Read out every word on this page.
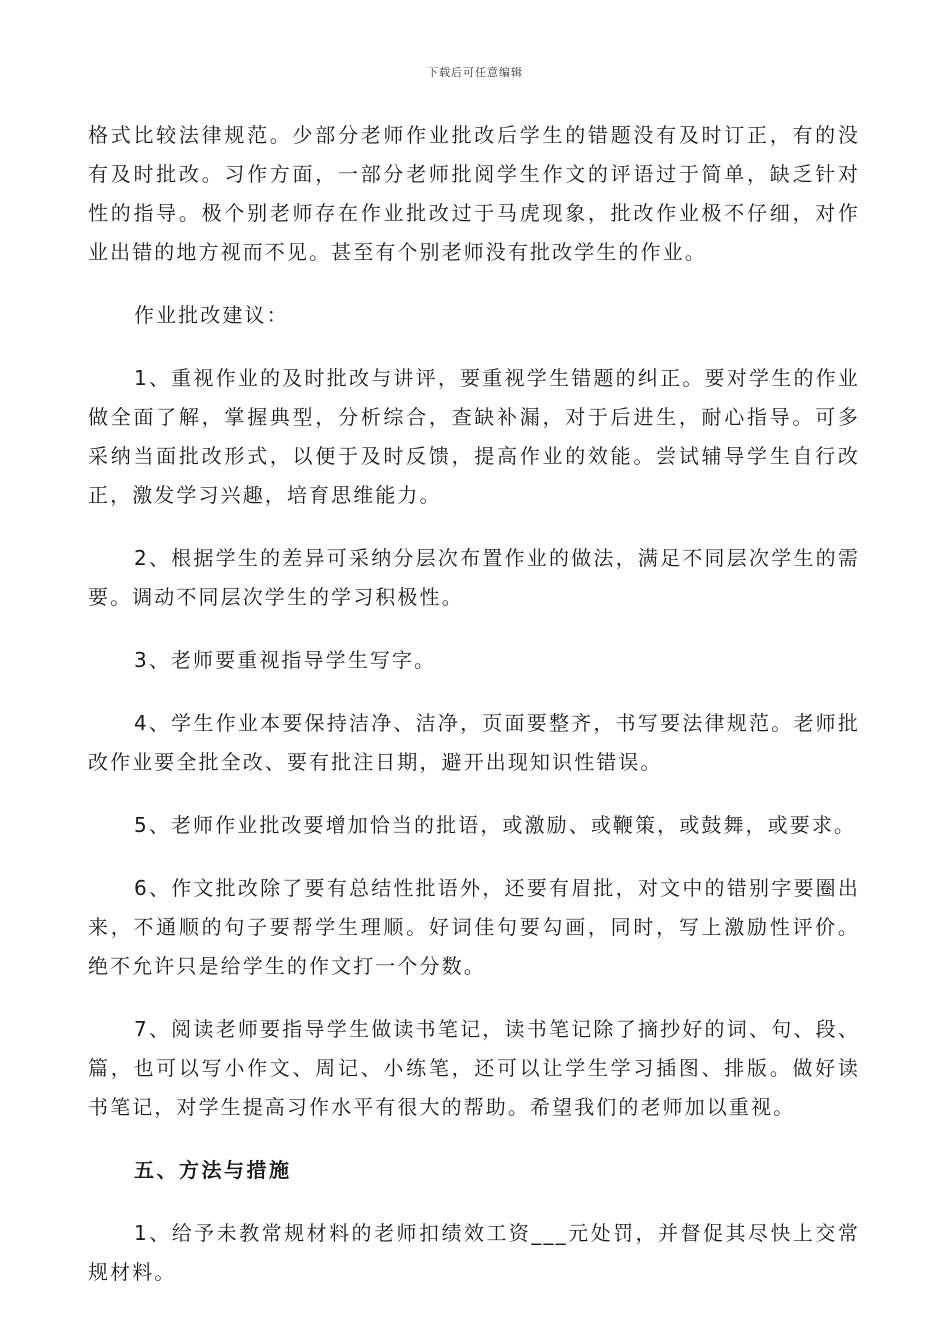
下载后可任意编辑

格式比较法律规范。少部分老师作业批改后学生的错题没有及时订正，有的没有及时批改。习作方面，一部分老师批阅学生作文的评语过于简单，缺乏针对性的指导。极个别老师存在作业批改过于马虎现象，批改作业极不仔细，对作业出错的地方视而不见。甚至有个别老师没有批改学生的作业。

作业批改建议：

1、重视作业的及时批改与讲评，要重视学生错题的纠正。要对学生的作业做全面了解，掌握典型，分析综合，查缺补漏，对于后进生，耐心指导。可多采纳当面批改形式，以便于及时反馈，提高作业的效能。尝试辅导学生自行改正，激发学习兴趣，培育思维能力。

2、根据学生的差异可采纳分层次布置作业的做法，满足不同层次学生的需要。调动不同层次学生的学习积极性。

3、老师要重视指导学生写字。

4、学生作业本要保持洁净、洁净，页面要整齐，书写要法律规范。老师批改作业要全批全改、要有批注日期，避开出现知识性错误。

5、老师作业批改要增加恰当的批语，或激励、或鞭策，或鼓舞，或要求。

6、作文批改除了要有总结性批语外，还要有眉批，对文中的错别字要圈出来，不通顺的句子要帮学生理顺。好词佳句要勾画，同时，写上激励性评价。绝不允许只是给学生的作文打一个分数。

7、阅读老师要指导学生做读书笔记，读书笔记除了摘抄好的词、句、段、篇，也可以写小作文、周记、小练笔，还可以让学生学习插图、排版。做好读书笔记，对学生提高习作水平有很大的帮助。希望我们的老师加以重视。

五、方法与措施

1、给予未教常规材料的老师扣绩效工资___元处罚，并督促其尽快上交常规材料。
